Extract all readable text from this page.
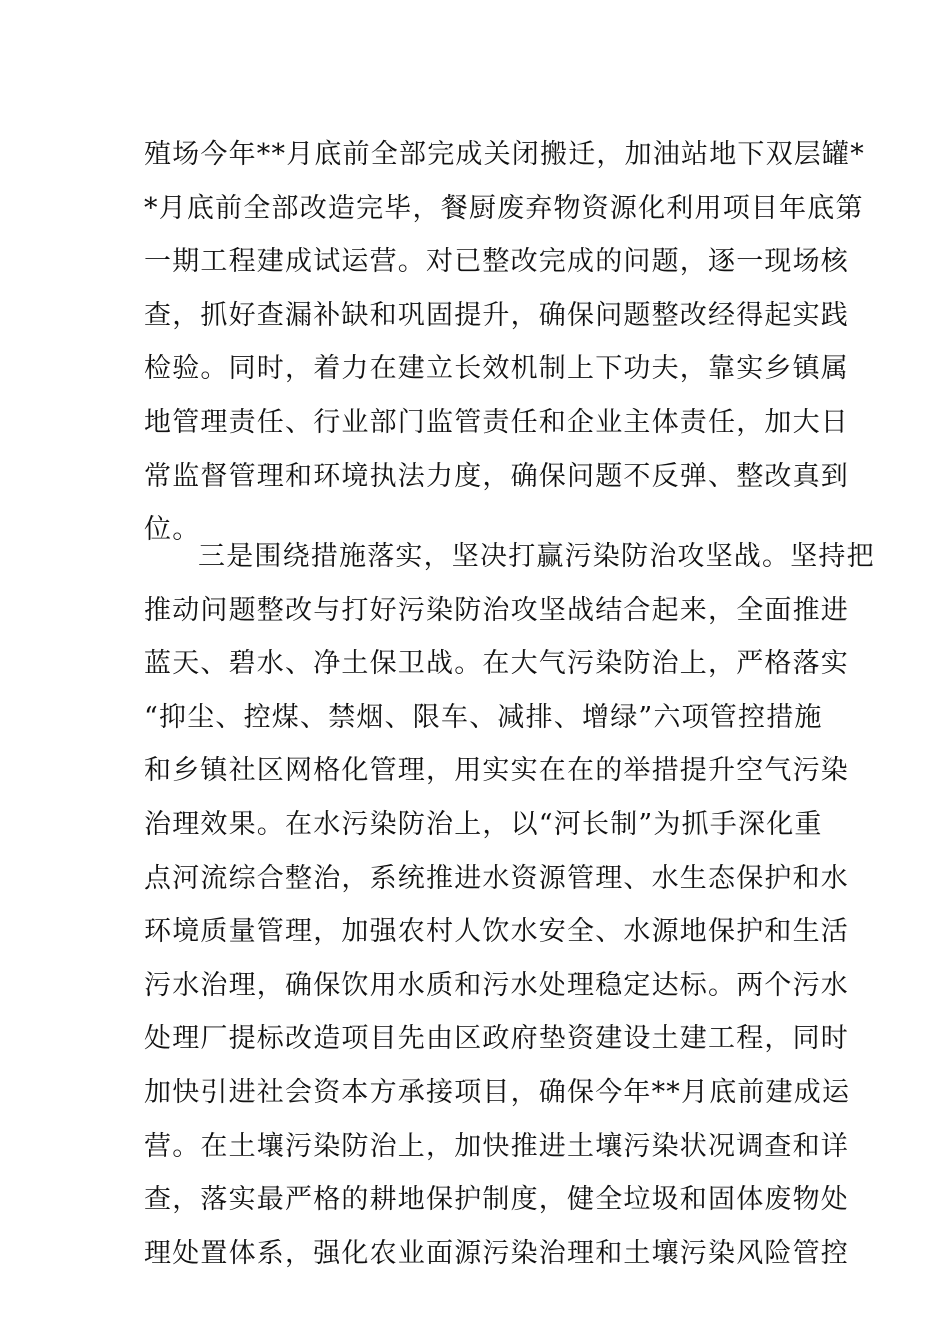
殖场今年**月底前全部完成关闭搬迁，加油站地下双层罐*
*月底前全部改造完毕，餐厨废弃物资源化利用项目年底第
一期工程建成试运营。对已整改完成的问题，逐一现场核
查，抓好查漏补缺和巩固提升，确保问题整改经得起实践
检验。同时，着力在建立长效机制上下功夫，靠实乡镇属
地管理责任、行业部门监管责任和企业主体责任，加大日
常监督管理和环境执法力度，确保问题不反弹、整改真到
位。
三是围绕措施落实，坚决打赢污染防治攻坚战。坚持把
推动问题整改与打好污染防治攻坚战结合起来，全面推进
蓝天、碧水、净土保卫战。在大气污染防治上，严格落实
“抑尘、控煤、禁烟、限车、减排、增绿”六项管控措施
和乡镇社区网格化管理，用实实在在的举措提升空气污染
治理效果。在水污染防治上，以“河长制”为抓手深化重
点河流综合整治，系统推进水资源管理、水生态保护和水
环境质量管理，加强农村人饮水安全、水源地保护和生活
污水治理，确保饮用水质和污水处理稳定达标。两个污水
处理厂提标改造项目先由区政府垫资建设土建工程，同时
加快引进社会资本方承接项目，确保今年**月底前建成运
营。在土壤污染防治上，加快推进土壤污染状况调查和详
查，落实最严格的耕地保护制度，健全垃圾和固体废物处
理处置体系，强化农业面源污染治理和土壤污染风险管控
